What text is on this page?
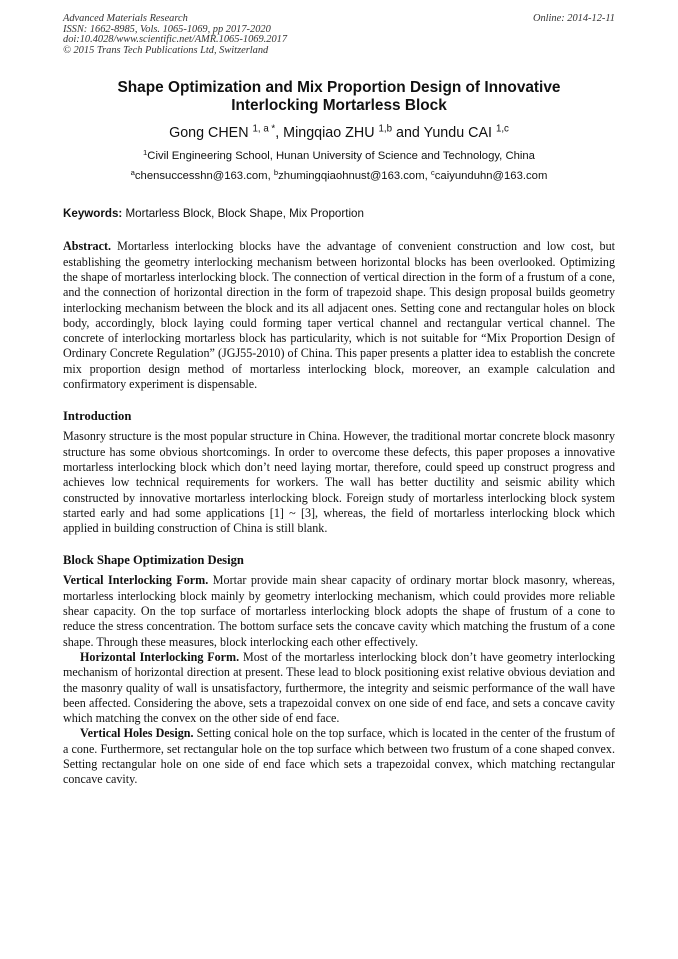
Advanced Materials Research
ISSN: 1662-8985, Vols. 1065-1069, pp 2017-2020
doi:10.4028/www.scientific.net/AMR.1065-1069.2017
© 2015 Trans Tech Publications Ltd, Switzerland
Online: 2014-12-11
Shape Optimization and Mix Proportion Design of Innovative
Interlocking Mortarless Block
Gong CHEN $^{1, a *}$, Mingqiao ZHU $^{1,b}$ and Yundu CAI $^{1,c}$
$^1$Civil Engineering School, Hunan University of Science and Technology, China
$^a$chensuccesshn@163.com, $^b$zhumingqiaohnust@163.com, $^c$caiyunduhn@163.com
Keywords: Mortarless Block, Block Shape, Mix Proportion

Abstract. Mortarless interlocking blocks have the advantage of convenient construction and low cost, but establishing the geometry interlocking mechanism between horizontal blocks has been overlooked. Optimizing the shape of mortarless interlocking block. The connection of vertical direction in the form of a frustum of a cone, and the connection of horizontal direction in the form of trapezoid shape. This design proposal builds geometry interlocking mechanism between the block and its all adjacent ones. Setting cone and rectangular holes on block body, accordingly, block laying could forming taper vertical channel and rectangular vertical channel. The concrete of interlocking mortarless block has particularity, which is not suitable for “Mix Proportion Design of Ordinary Concrete Regulation” (JGJ55-2010) of China. This paper presents a platter idea to establish the concrete mix proportion design method of mortarless interlocking block, moreover, an example calculation and confirmatory experiment is dispensable.

Introduction

Masonry structure is the most popular structure in China. However, the traditional mortar concrete block masonry structure has some obvious shortcomings. In order to overcome these defects, this paper proposes a innovative mortarless interlocking block which don’t need laying mortar, therefore, could speed up construct progress and achieves low technical requirements for workers. The wall has better ductility and seismic ability which constructed by innovative mortarless interlocking block. Foreign study of mortarless interlocking block system started early and had some applications [1] ~ [3], whereas, the field of mortarless interlocking block which applied in building construction of China is still blank.

Block Shape Optimization Design

Vertical Interlocking Form. Mortar provide main shear capacity of ordinary mortar block masonry, whereas, mortarless interlocking block mainly by geometry interlocking mechanism, which could provides more reliable shear capacity. On the top surface of mortarless interlocking block adopts the shape of frustum of a cone to reduce the stress concentration. The bottom surface sets the concave cavity which matching the frustum of a cone shape. Through these measures, block interlocking each other effectively.

Horizontal Interlocking Form. Most of the mortarless interlocking block don’t have geometry interlocking mechanism of horizontal direction at present. These lead to block positioning exist relative obvious deviation and the masonry quality of wall is unsatisfactory, furthermore, the integrity and seismic performance of the wall have been affected. Considering the above, sets a trapezoidal convex on one side of end face, and sets a concave cavity which matching the convex on the other side of end face.

Vertical Holes Design. Setting conical hole on the top surface, which is located in the center of the frustum of a cone. Furthermore, set rectangular hole on the top surface which between two frustum of a cone shaped convex. Setting rectangular hole on one side of end face which sets a trapezoidal convex, which matching rectangular concave cavity.
